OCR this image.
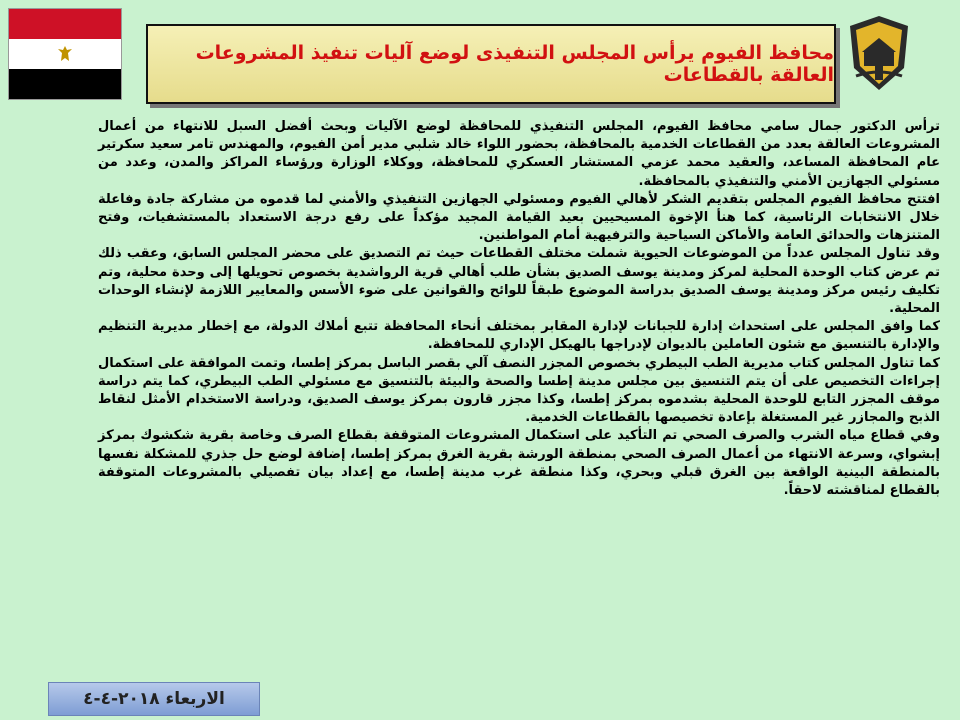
محافظ الفيوم يرأس المجلس التنفيذى لوضع آليات تنفيذ المشروعات العالقة بالقطاعات

ترأس الدكتور جمال سامي محافظ الفيوم، المجلس التنفيذي للمحافظة لوضع الآليات وبحث أفضل السبل للانتهاء من أعمال المشروعات العالقة بعدد من القطاعات الخدمية بالمحافظة، بحضور اللواء خالد شلبي مدير أمن الفيوم، والمهندس تامر سعيد سكرتير عام المحافظة المساعد، والعقيد محمد عزمي المستشار العسكري للمحافظة، ووكلاء الوزارة ورؤساء المراكز والمدن، وعدد من مسئولي الجهازين الأمني والتنفيذي بالمحافظة.

افتتح محافظ الفيوم المجلس بتقديم الشكر لأهالي الفيوم ومسئولي الجهازين التنفيذي والأمني لما قدموه من مشاركة جادة وفاعلة خلال الانتخابات الرئاسية، كما هنأ الإخوة المسيحيين بعيد القيامة المجيد مؤكداً على رفع درجة الاستعداد بالمستشفيات، وفتح المتنزهات والحدائق العامة والأماكن السياحية والترفيهية أمام المواطنين.

وقد تناول المجلس عدداً من الموضوعات الحيوية شملت مختلف القطاعات حيث تم التصديق على محضر المجلس السابق، وعقب ذلك تم عرض كتاب الوحدة المحلية لمركز ومدينة يوسف الصديق بشأن طلب أهالي قرية الرواشدية بخصوص تحويلها إلى وحدة محلية، وتم تكليف رئيس مركز ومدينة يوسف الصديق بدراسة الموضوع طبقاً للوائح والقوانين على ضوء الأسس والمعايير اللازمة لإنشاء الوحدات المحلية.

كما وافق المجلس على استحداث إدارة للجبانات لإدارة المقابر بمختلف أنحاء المحافظة تتبع أملاك الدولة، مع إخطار مديرية التنظيم والإدارة بالتنسيق مع شئون العاملين بالديوان لإدراجها بالهيكل الإداري للمحافظة.

كما تناول المجلس كتاب مديرية الطب البيطري بخصوص المجزر النصف آلي بقصر الباسل بمركز إطسا، وتمت الموافقة على استكمال إجراءات التخصيص على أن يتم التنسيق بين مجلس مدينة إطسا والصحة والبيئة بالتنسيق مع مسئولي الطب البيطري، كما يتم دراسة موقف المجزر التابع للوحدة المحلية بشدموه بمركز إطسا، وكذا مجزر قارون بمركز يوسف الصديق، ودراسة الاستخدام الأمثل لنقاط الذبح والمجازر غير المستغلة بإعادة تخصيصها بالقطاعات الخدمية.

وفي قطاع مياه الشرب والصرف الصحي تم التأكيد على استكمال المشروعات المتوقفة بقطاع الصرف وخاصة بقرية شكشوك بمركز إبشواي، وسرعة الانتهاء من أعمال الصرف الصحي بمنطقة الورشة بقرية الغرق بمركز إطسا، إضافة لوضع حل جذري للمشكلة نفسها بالمنطقة البينية الواقعة بين الغرق قبلي وبحري، وكذا منطقة غرب مدينة إطسا، مع إعداد بيان تفصيلي بالمشروعات المتوقفة بالقطاع لمناقشته لاحقاً.

الاربعاء ٢٠١٨-٤-٤
